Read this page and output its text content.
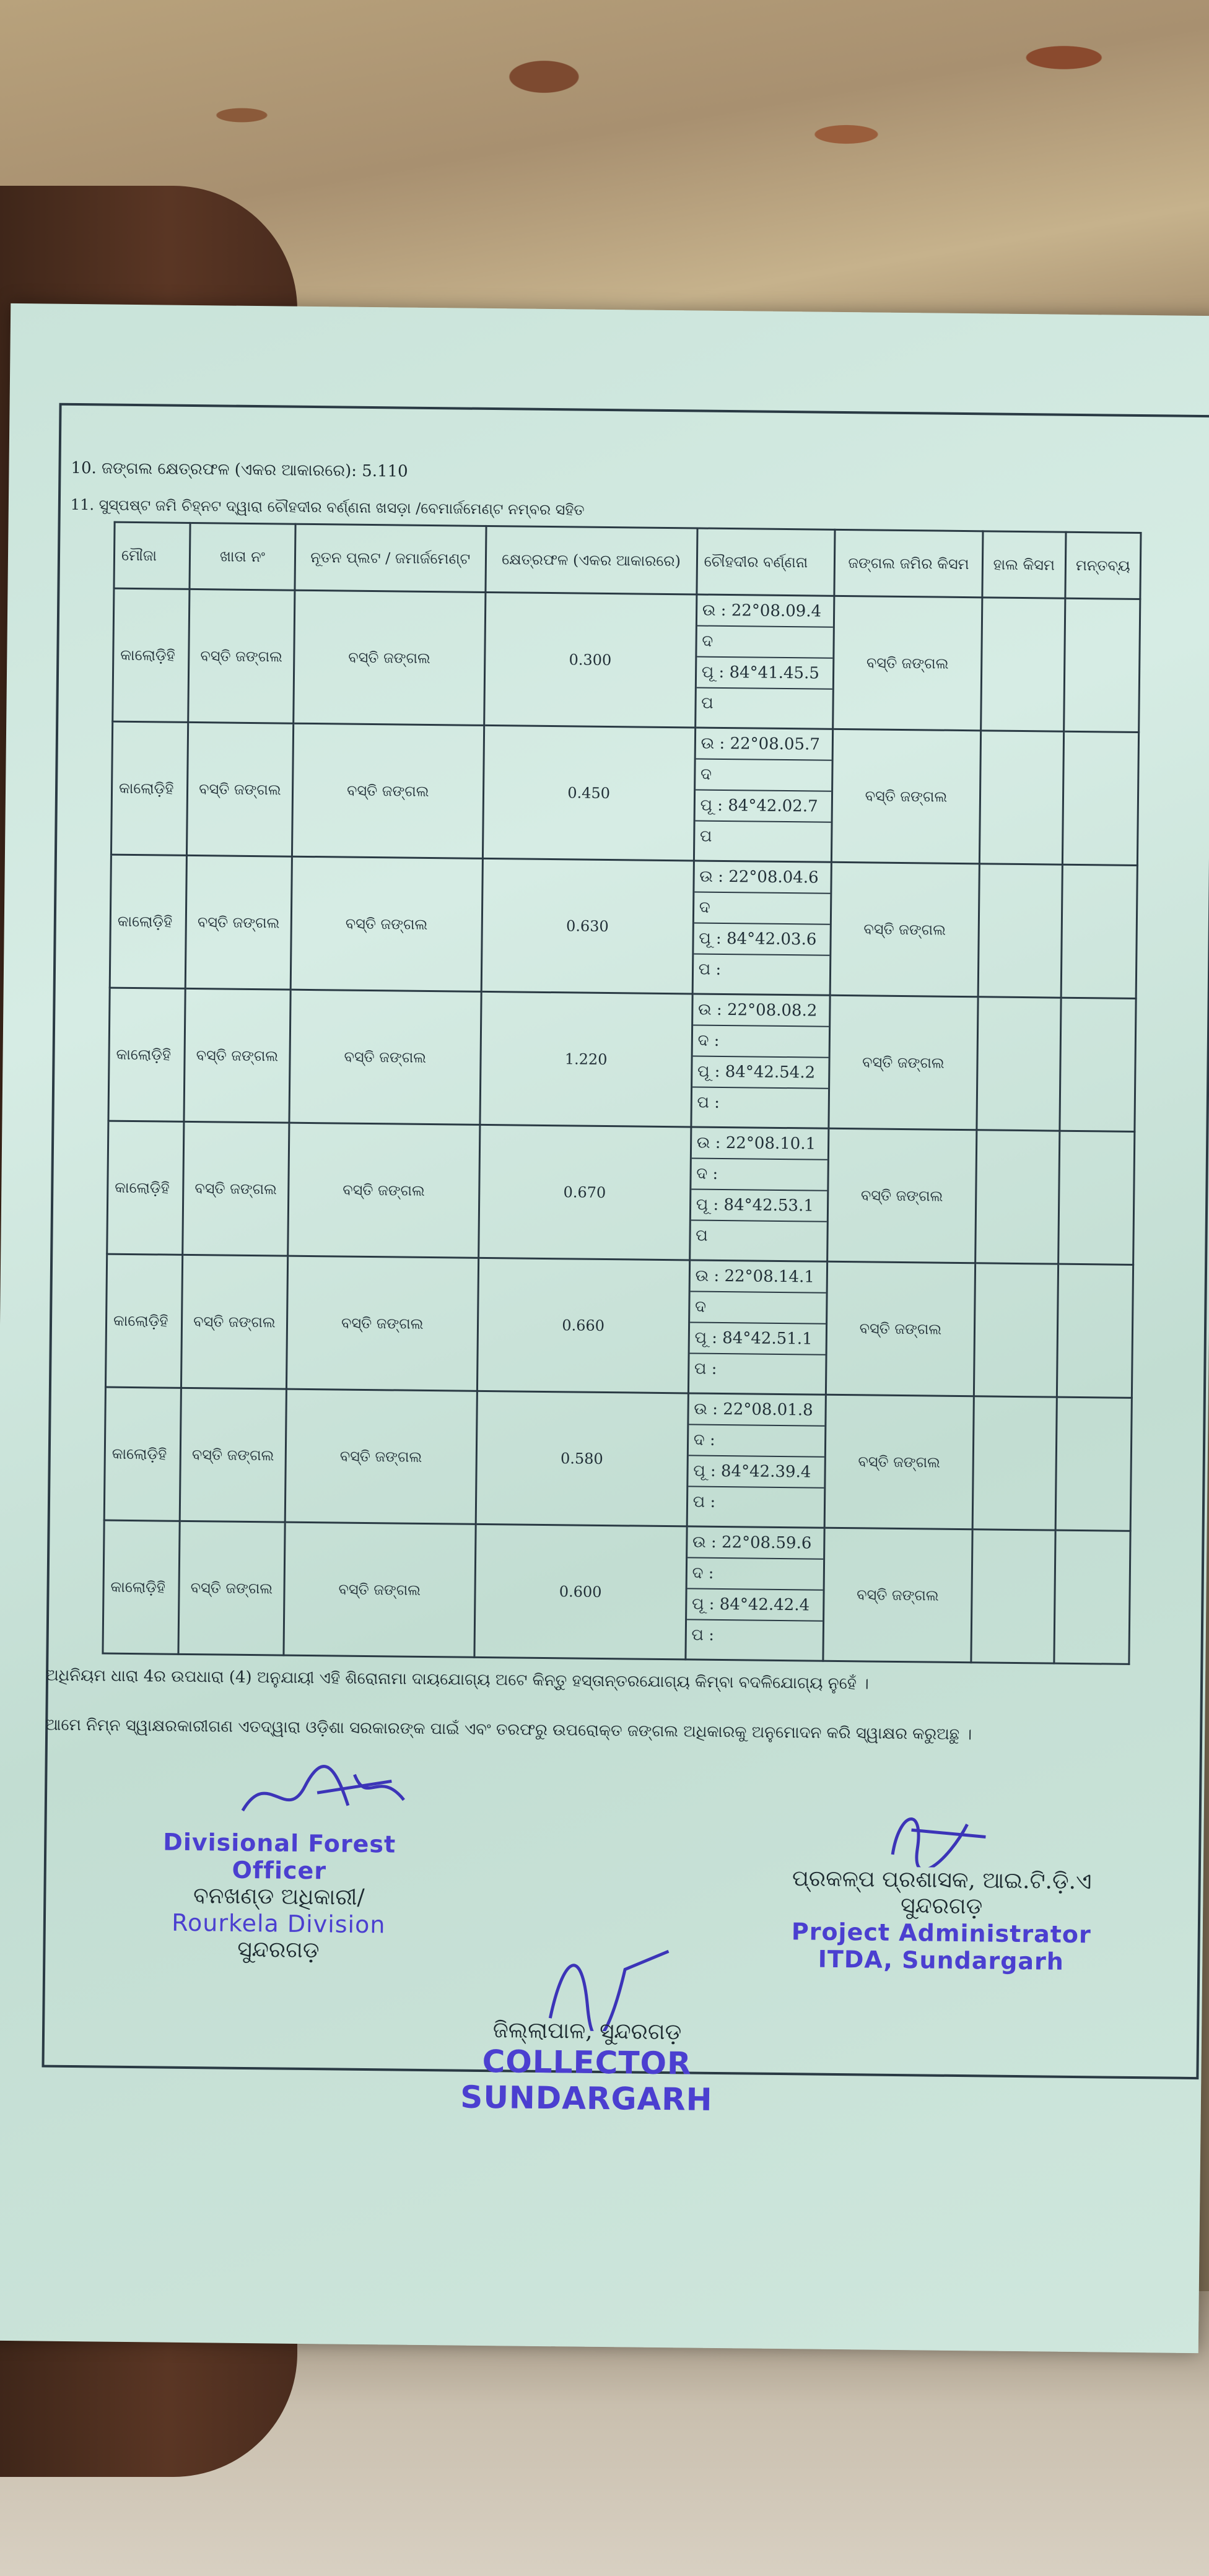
10. ଜଙ୍ଗଲ କ୍ଷେତ୍ରଫଳ (ଏକର ଆକାରରେ): 5.110
11. ସୁସ୍ପଷ୍ଟ ଜମି ଚିହ୍ନଟ ଦ୍ୱାରା ଚୌହଦୀର ବର୍ଣ୍ଣନା ଖସଡ଼ା /ବେମାର୍ଜମେଣ୍ଟ ନମ୍ବର ସହିତ
ମୌଜା	ଖାତା ନଂ	ନୂତନ ପ୍ଲଟ / ଜମାର୍ଜମେଣ୍ଟ	କ୍ଷେତ୍ରଫଳ (ଏକର ଆକାରରେ)	ଚୌହଦୀର ବର୍ଣ୍ଣନା	ଜଙ୍ଗଲ ଜମିର କିସମ	ହାଲ କିସମ	ମନ୍ତବ୍ୟ
କାଲୋଡ଼ିହି	ବସ୍ତି ଜଙ୍ଗଲ	ବସ୍ତି ଜଙ୍ଗଲ	0.300	ଉ : 22°08.09.4
ଦ
ପୂ : 84°41.45.5
ପ	ବସ୍ତି ଜଙ୍ଗଲ		
କାଲୋଡ଼ିହି	ବସ୍ତି ଜଙ୍ଗଲ	ବସ୍ତି ଜଙ୍ଗଲ	0.450	ଉ : 22°08.05.7
ଦ
ପୂ : 84°42.02.7
ପ	ବସ୍ତି ଜଙ୍ଗଲ		
କାଲୋଡ଼ିହି	ବସ୍ତି ଜଙ୍ଗଲ	ବସ୍ତି ଜଙ୍ଗଲ	0.630	ଉ : 22°08.04.6
ଦ
ପୂ : 84°42.03.6
ପ :	ବସ୍ତି ଜଙ୍ଗଲ		
କାଲୋଡ଼ିହି	ବସ୍ତି ଜଙ୍ଗଲ	ବସ୍ତି ଜଙ୍ଗଲ	1.220	ଉ : 22°08.08.2
ଦ :
ପୂ : 84°42.54.2
ପ :	ବସ୍ତି ଜଙ୍ଗଲ		
କାଲୋଡ଼ିହି	ବସ୍ତି ଜଙ୍ଗଲ	ବସ୍ତି ଜଙ୍ଗଲ	0.670	ଉ : 22°08.10.1
ଦ :
ପୂ : 84°42.53.1
ପ	ବସ୍ତି ଜଙ୍ଗଲ		
କାଲୋଡ଼ିହି	ବସ୍ତି ଜଙ୍ଗଲ	ବସ୍ତି ଜଙ୍ଗଲ	0.660	ଉ : 22°08.14.1
ଦ
ପୂ : 84°42.51.1
ପ :	ବସ୍ତି ଜଙ୍ଗଲ		
କାଲୋଡ଼ିହି	ବସ୍ତି ଜଙ୍ଗଲ	ବସ୍ତି ଜଙ୍ଗଲ	0.580	ଉ : 22°08.01.8
ଦ :
ପୂ : 84°42.39.4
ପ :	ବସ୍ତି ଜଙ୍ଗଲ		
କାଲୋଡ଼ିହି	ବସ୍ତି ଜଙ୍ଗଲ	ବସ୍ତି ଜଙ୍ଗଲ	0.600	ଉ : 22°08.59.6
ଦ :
ପୂ : 84°42.42.4
ପ :	ବସ୍ତି ଜଙ୍ଗଲ		
ଅଧିନିୟମ ଧାରା 4ର ଉପଧାରା (4) ଅନୁଯାୟୀ ଏହି ଶିରୋନାମା ଦାୟଯୋଗ୍ୟ ଅଟେ କିନ୍ତୁ ହସ୍ତାନ୍ତରଯୋଗ୍ୟ କିମ୍ବା ବଦଳିଯୋଗ୍ୟ ନୁହେଁ ।
ଆମେ ନିମ୍ନ ସ୍ୱାକ୍ଷରକାରୀଗଣ ଏତଦ୍ୱାରା ଓଡ଼ିଶା ସରକାରଙ୍କ ପାଇଁ ଏବଂ ତରଫରୁ ଉପରୋକ୍ତ ଜଙ୍ଗଲ ଅଧିକାରକୁ ଅନୁମୋଦନ କରି ସ୍ୱାକ୍ଷର କରୁଅଛୁ ।
Divisional Forest Officer
ବନଖଣ୍ଡ ଅଧିକାରୀ/
Rourkela Division
ସୁନ୍ଦରଗଡ଼
ପ୍ରକଳ୍ପ ପ୍ରଶାସକ, ଆଇ.ଟି.ଡ଼ି.ଏ
ସୁନ୍ଦରଗଡ଼
Project Administrator
ITDA, Sundargarh
ଜିଲ୍ଲାପାଳ, ସୁନ୍ଦରଗଡ଼
COLLECTOR
SUNDARGARH
